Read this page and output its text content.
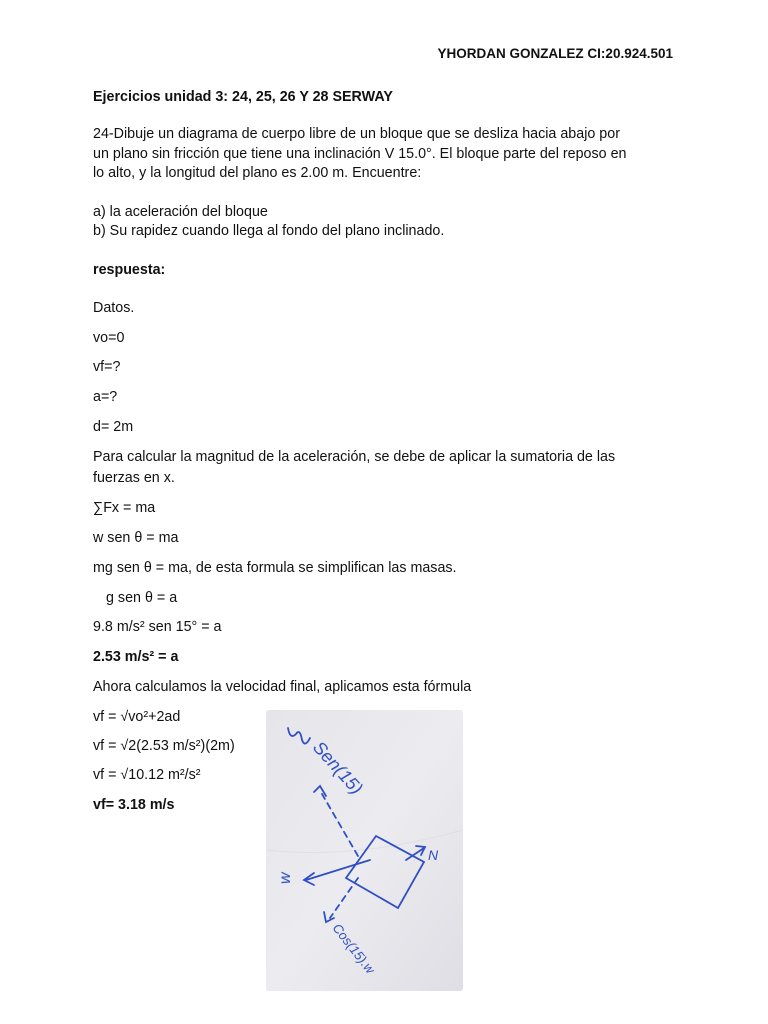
YHORDAN GONZALEZ CI:20.924.501
Ejercicios unidad 3: 24, 25, 26 Y 28 SERWAY
24-Dibuje un diagrama de cuerpo libre de un bloque que se desliza hacia abajo por
un plano sin fricción que tiene una inclinación V 15.0°. El bloque parte del reposo en
lo alto, y la longitud del plano es 2.00 m. Encuentre:
a) la aceleración del bloque
b) Su rapidez cuando llega al fondo del plano inclinado.
respuesta:
Datos.
vo=0
vf=?
a=?
d= 2m
Para calcular la magnitud de la aceleración, se debe de aplicar la sumatoria de las
fuerzas en x.
∑Fx = ma
w sen θ = ma
mg sen θ = ma, de esta formula se simplifican las masas.
g sen θ = a
9.8 m/s² sen 15° = a
2.53 m/s² = a
Ahora calculamos la velocidad final, aplicamos esta fórmula
vf = √vo²+2ad
vf = √2(2.53 m/s²)(2m)
vf = √10.12 m²/s²
vf= 3.18 m/s
Sen(15)
N
w
Cos(15).w
